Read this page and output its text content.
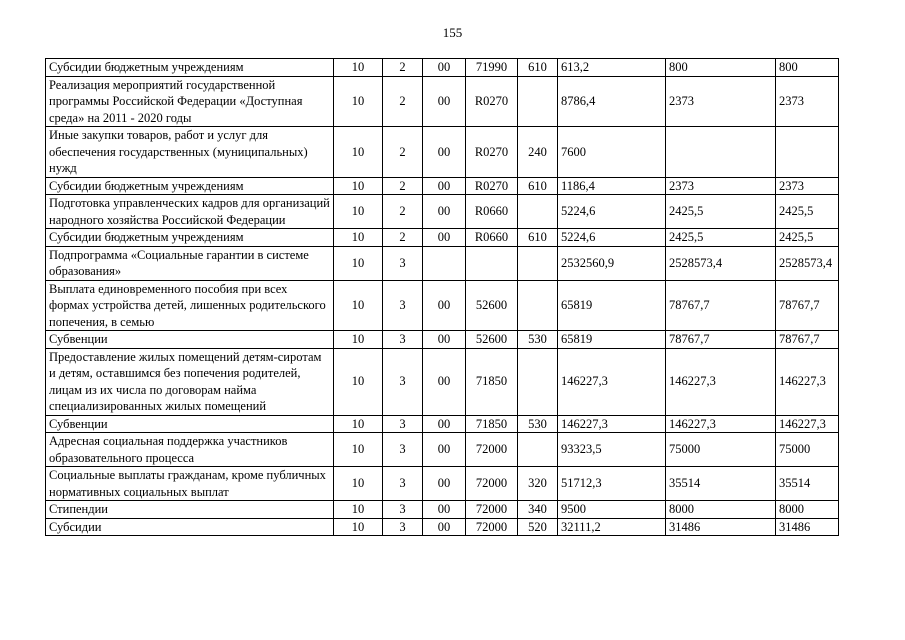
155
Субсидии бюджетным учреждениям	10	2	00	71990	610	613,2	800	800
Реализация мероприятий государственной программы Российской Федерации «Доступная среда» на 2011 - 2020 годы	10	2	00	R0270		8786,4	2373	2373
Иные закупки товаров, работ и услуг для обеспечения государственных (муниципальных) нужд	10	2	00	R0270	240	7600		
Субсидии бюджетным учреждениям	10	2	00	R0270	610	1186,4	2373	2373
Подготовка управленческих кадров для организаций народного хозяйства Российской Федерации	10	2	00	R0660		5224,6	2425,5	2425,5
Субсидии бюджетным учреждениям	10	2	00	R0660	610	5224,6	2425,5	2425,5
Подпрограмма «Социальные гарантии в системе образования»	10	3				2532560,9	2528573,4	2528573,4
Выплата единовременного пособия при всех формах устройства детей, лишенных родительского попечения, в семью	10	3	00	52600		65819	78767,7	78767,7
Субвенции	10	3	00	52600	530	65819	78767,7	78767,7
Предоставление жилых помещений детям-сиротам и детям, оставшимся без попечения родителей, лицам из их числа по договорам найма специализированных жилых помещений	10	3	00	71850		146227,3	146227,3	146227,3
Субвенции	10	3	00	71850	530	146227,3	146227,3	146227,3
Адресная социальная поддержка участников образовательного процесса	10	3	00	72000		93323,5	75000	75000
Социальные выплаты гражданам, кроме публичных нормативных социальных выплат	10	3	00	72000	320	51712,3	35514	35514
Стипендии	10	3	00	72000	340	9500	8000	8000
Субсидии	10	3	00	72000	520	32111,2	31486	31486
